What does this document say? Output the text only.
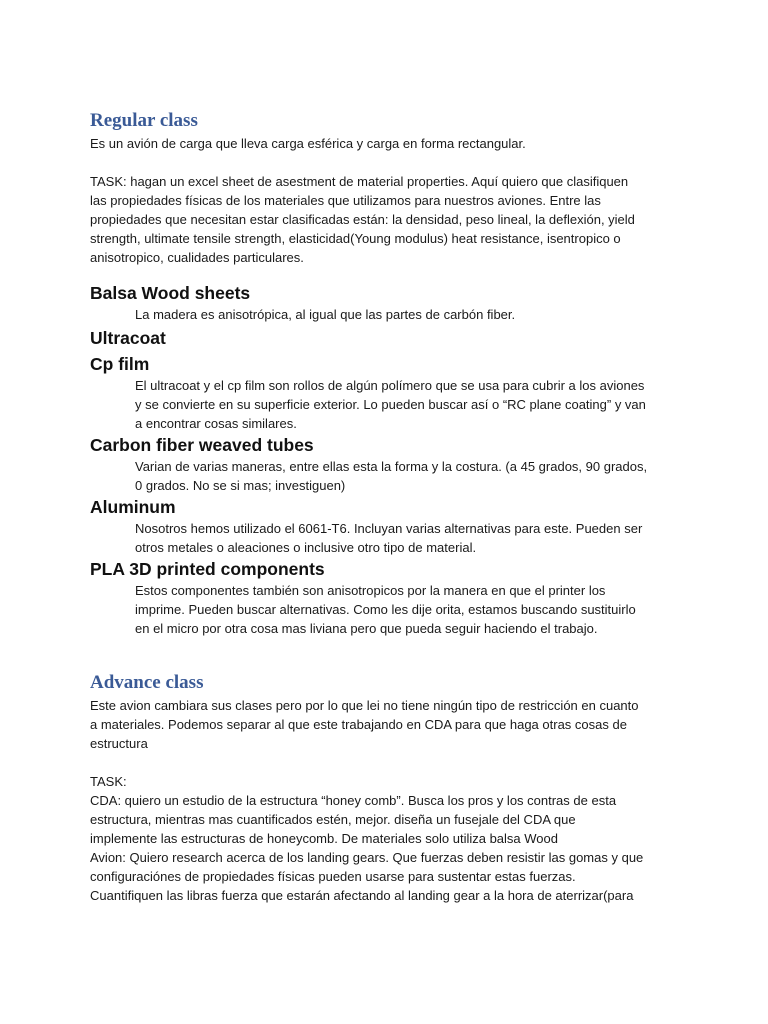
Regular class

Es un avión de carga que lleva carga esférica y carga en forma rectangular.

TASK: hagan un excel sheet de asestment de material properties. Aquí quiero que clasifiquen

las propiedades físicas de los materiales que utilizamos para nuestros aviones. Entre las

propiedades que necesitan estar clasificadas están: la densidad, peso lineal, la deflexión, yield

strength, ultimate tensile strength, elasticidad(Young modulus) heat resistance, isentropico o

anisotropico, cualidades particulares.

Balsa Wood sheets

La madera es anisotrópica, al igual que las partes de carbón fiber.

Ultracoat
Cp film

El ultracoat y el cp film son rollos de algún polímero que se usa para cubrir a los aviones

y se convierte en su superficie exterior. Lo pueden buscar así o “RC plane coating” y van

a encontrar cosas similares.

Carbon fiber weaved tubes

Varian de varias maneras, entre ellas esta la forma y la costura. (a 45 grados, 90 grados,

0 grados. No se si mas; investiguen)

Aluminum

Nosotros hemos utilizado el 6061-T6. Incluyan varias alternativas para este. Pueden ser

otros metales o aleaciones o inclusive otro tipo de material.

PLA 3D printed components

Estos componentes también son anisotropicos por la manera en que el printer los

imprime. Pueden buscar alternativas. Como les dije orita, estamos buscando sustituirlo

en el micro por otra cosa mas liviana pero que pueda seguir haciendo el trabajo.

Advance class

Este avion cambiara sus clases pero por lo que lei no tiene ningún tipo de restricción en cuanto

a materiales. Podemos separar al que este trabajando en CDA para que haga otras cosas de

estructura

TASK:

CDA: quiero un estudio de la estructura “honey comb”. Busca los pros y los contras de esta

estructura, mientras mas cuantificados estén, mejor. diseña un fusejale del CDA que

implemente las estructuras de honeycomb. De materiales solo utiliza balsa Wood

Avion: Quiero research acerca de los landing gears. Que fuerzas deben resistir las gomas y que

configuraciónes de propiedades físicas pueden usarse para sustentar estas fuerzas.

Cuantifiquen las libras fuerza que estarán afectando al landing gear a la hora de aterrizar(para
